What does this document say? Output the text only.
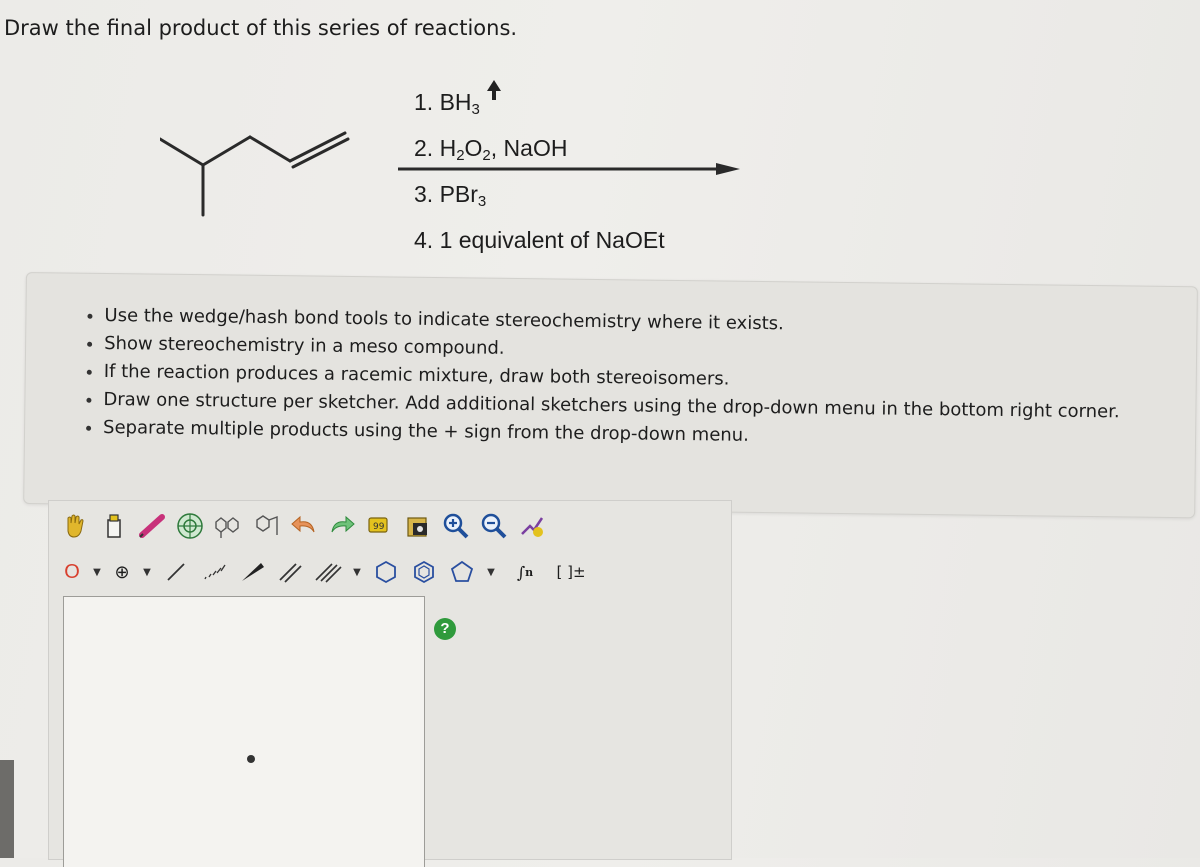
Draw the final product of this series of reactions.
1. $BH_3$
2. $H_2O_2$, NaOH
3. PBr$_3$
4. 1 equivalent of NaOEt
• Use the wedge/hash bond tools to indicate stereochemistry where it exists.
• Show stereochemistry in a meso compound.
• If the reaction produces a racemic mixture, draw both stereoisomers.
• Draw one structure per sketcher. Add additional sketchers using the drop-down menu in the bottom right corner.
• Separate multiple products using the + sign from the drop-down menu.
99
O	▼ ⊕	▼	▼	▼ ∫ n [ ]±
?
